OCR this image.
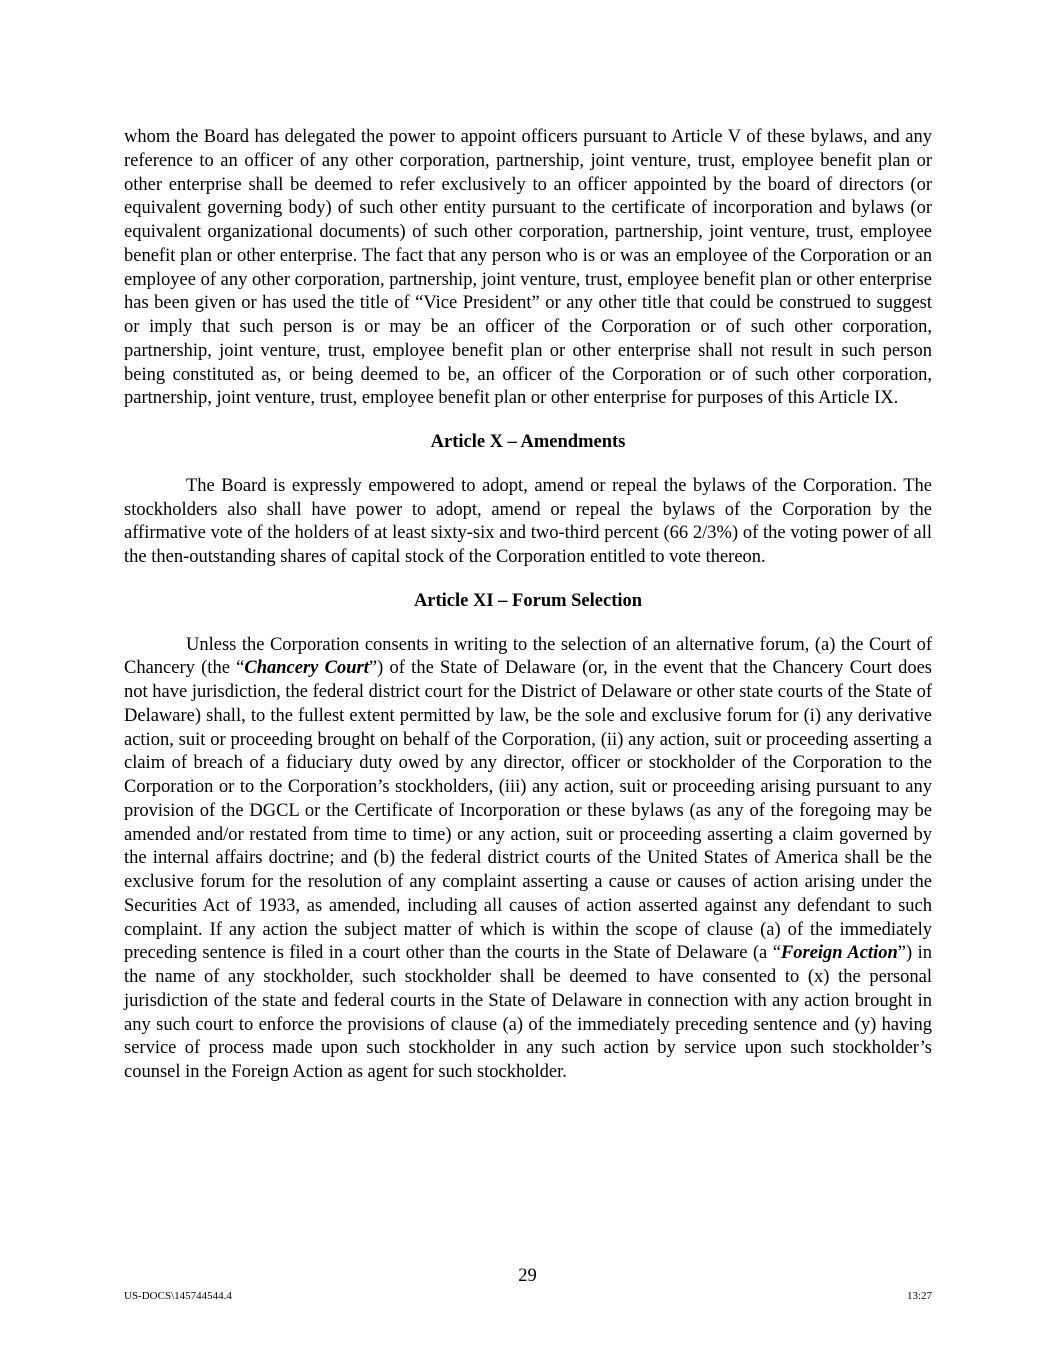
whom the Board has delegated the power to appoint officers pursuant to Article V of these bylaws, and any reference to an officer of any other corporation, partnership, joint venture, trust, employee benefit plan or other enterprise shall be deemed to refer exclusively to an officer appointed by the board of directors (or equivalent governing body) of such other entity pursuant to the certificate of incorporation and bylaws (or equivalent organizational documents) of such other corporation, partnership, joint venture, trust, employee benefit plan or other enterprise. The fact that any person who is or was an employee of the Corporation or an employee of any other corporation, partnership, joint venture, trust, employee benefit plan or other enterprise has been given or has used the title of “Vice President” or any other title that could be construed to suggest or imply that such person is or may be an officer of the Corporation or of such other corporation, partnership, joint venture, trust, employee benefit plan or other enterprise shall not result in such person being constituted as, or being deemed to be, an officer of the Corporation or of such other corporation, partnership, joint venture, trust, employee benefit plan or other enterprise for purposes of this Article IX.

Article X – Amendments

The Board is expressly empowered to adopt, amend or repeal the bylaws of the Corporation. The stockholders also shall have power to adopt, amend or repeal the bylaws of the Corporation by the affirmative vote of the holders of at least sixty-six and two-third percent (66 2/3%) of the voting power of all the then-outstanding shares of capital stock of the Corporation entitled to vote thereon.

Article XI – Forum Selection

Unless the Corporation consents in writing to the selection of an alternative forum, (a) the Court of Chancery (the “Chancery Court”) of the State of Delaware (or, in the event that the Chancery Court does not have jurisdiction, the federal district court for the District of Delaware or other state courts of the State of Delaware) shall, to the fullest extent permitted by law, be the sole and exclusive forum for (i) any derivative action, suit or proceeding brought on behalf of the Corporation, (ii) any action, suit or proceeding asserting a claim of breach of a fiduciary duty owed by any director, officer or stockholder of the Corporation to the Corporation or to the Corporation’s stockholders, (iii) any action, suit or proceeding arising pursuant to any provision of the DGCL or the Certificate of Incorporation or these bylaws (as any of the foregoing may be amended and/or restated from time to time) or any action, suit or proceeding asserting a claim governed by the internal affairs doctrine; and (b) the federal district courts of the United States of America shall be the exclusive forum for the resolution of any complaint asserting a cause or causes of action arising under the Securities Act of 1933, as amended, including all causes of action asserted against any defendant to such complaint. If any action the subject matter of which is within the scope of clause (a) of the immediately preceding sentence is filed in a court other than the courts in the State of Delaware (a “Foreign Action”) in the name of any stockholder, such stockholder shall be deemed to have consented to (x) the personal jurisdiction of the state and federal courts in the State of Delaware in connection with any action brought in any such court to enforce the provisions of clause (a) of the immediately preceding sentence and (y) having service of process made upon such stockholder in any such action by service upon such stockholder’s counsel in the Foreign Action as agent for such stockholder.

29
US-DOCS\145744544.4	13:27
